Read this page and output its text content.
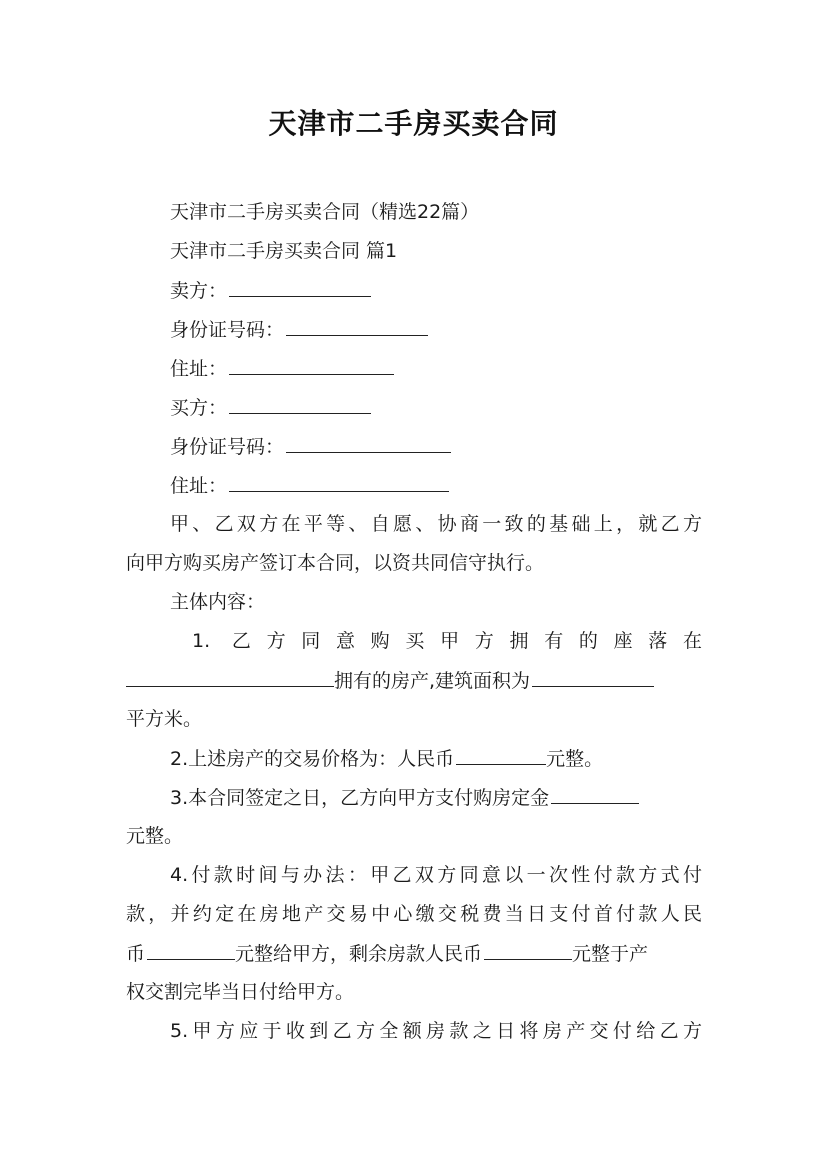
天津市二手房买卖合同
天津市二手房买卖合同（精选22篇）
天津市二手房买卖合同 篇1
卖方：
身份证号码：
住址：
买方：
身份证号码：
住址：
甲、乙双方在平等、自愿、协商一致的基础上，就乙方
向甲方购买房产签订本合同，以资共同信守执行。
主体内容：
1. 乙方同意购买甲方拥有的座落在
拥有的房产,建筑面积为
平方米。
2.上述房产的交易价格为：人民币	元整。
3.本合同签定之日，乙方向甲方支付购房定金
元整。
4.付款时间与办法：甲乙双方同意以一次性付款方式付
款，并约定在房地产交易中心缴交税费当日支付首付款人民
币	元整给甲方，剩余房款人民币	元整于产
权交割完毕当日付给甲方。
5.甲方应于收到乙方全额房款之日将房产交付给乙方
